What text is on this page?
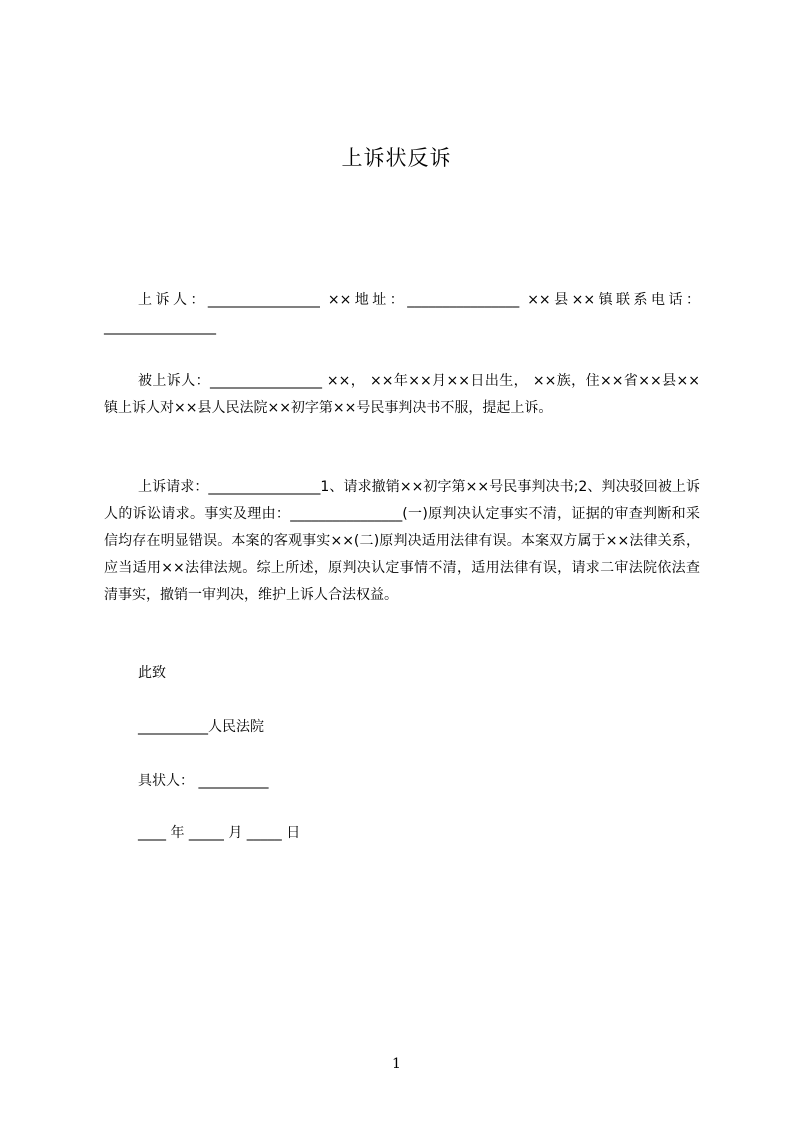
上诉状反诉

上诉人：________________ ××地址：________________ ××县××镇联系电话：________________

被上诉人：________________ ××， ××年××月××日出生， ××族，住××省××县××镇上诉人对××县人民法院××初字第××号民事判决书不服，提起上诉。

上诉请求：________________1、请求撤销××初字第××号民事判决书;2、判决驳回被上诉人的诉讼请求。事实及理由：________________(一)原判决认定事实不清，证据的审查判断和采信均存在明显错误。本案的客观事实××(二)原判决适用法律有误。本案双方属于××法律关系，应当适用××法律法规。综上所述，原判决认定事情不清，适用法律有误，请求二审法院依法查清事实，撤销一审判决，维护上诉人合法权益。

此致
__________人民法院
具状人： __________
____ 年 _____ 月 _____ 日
1
